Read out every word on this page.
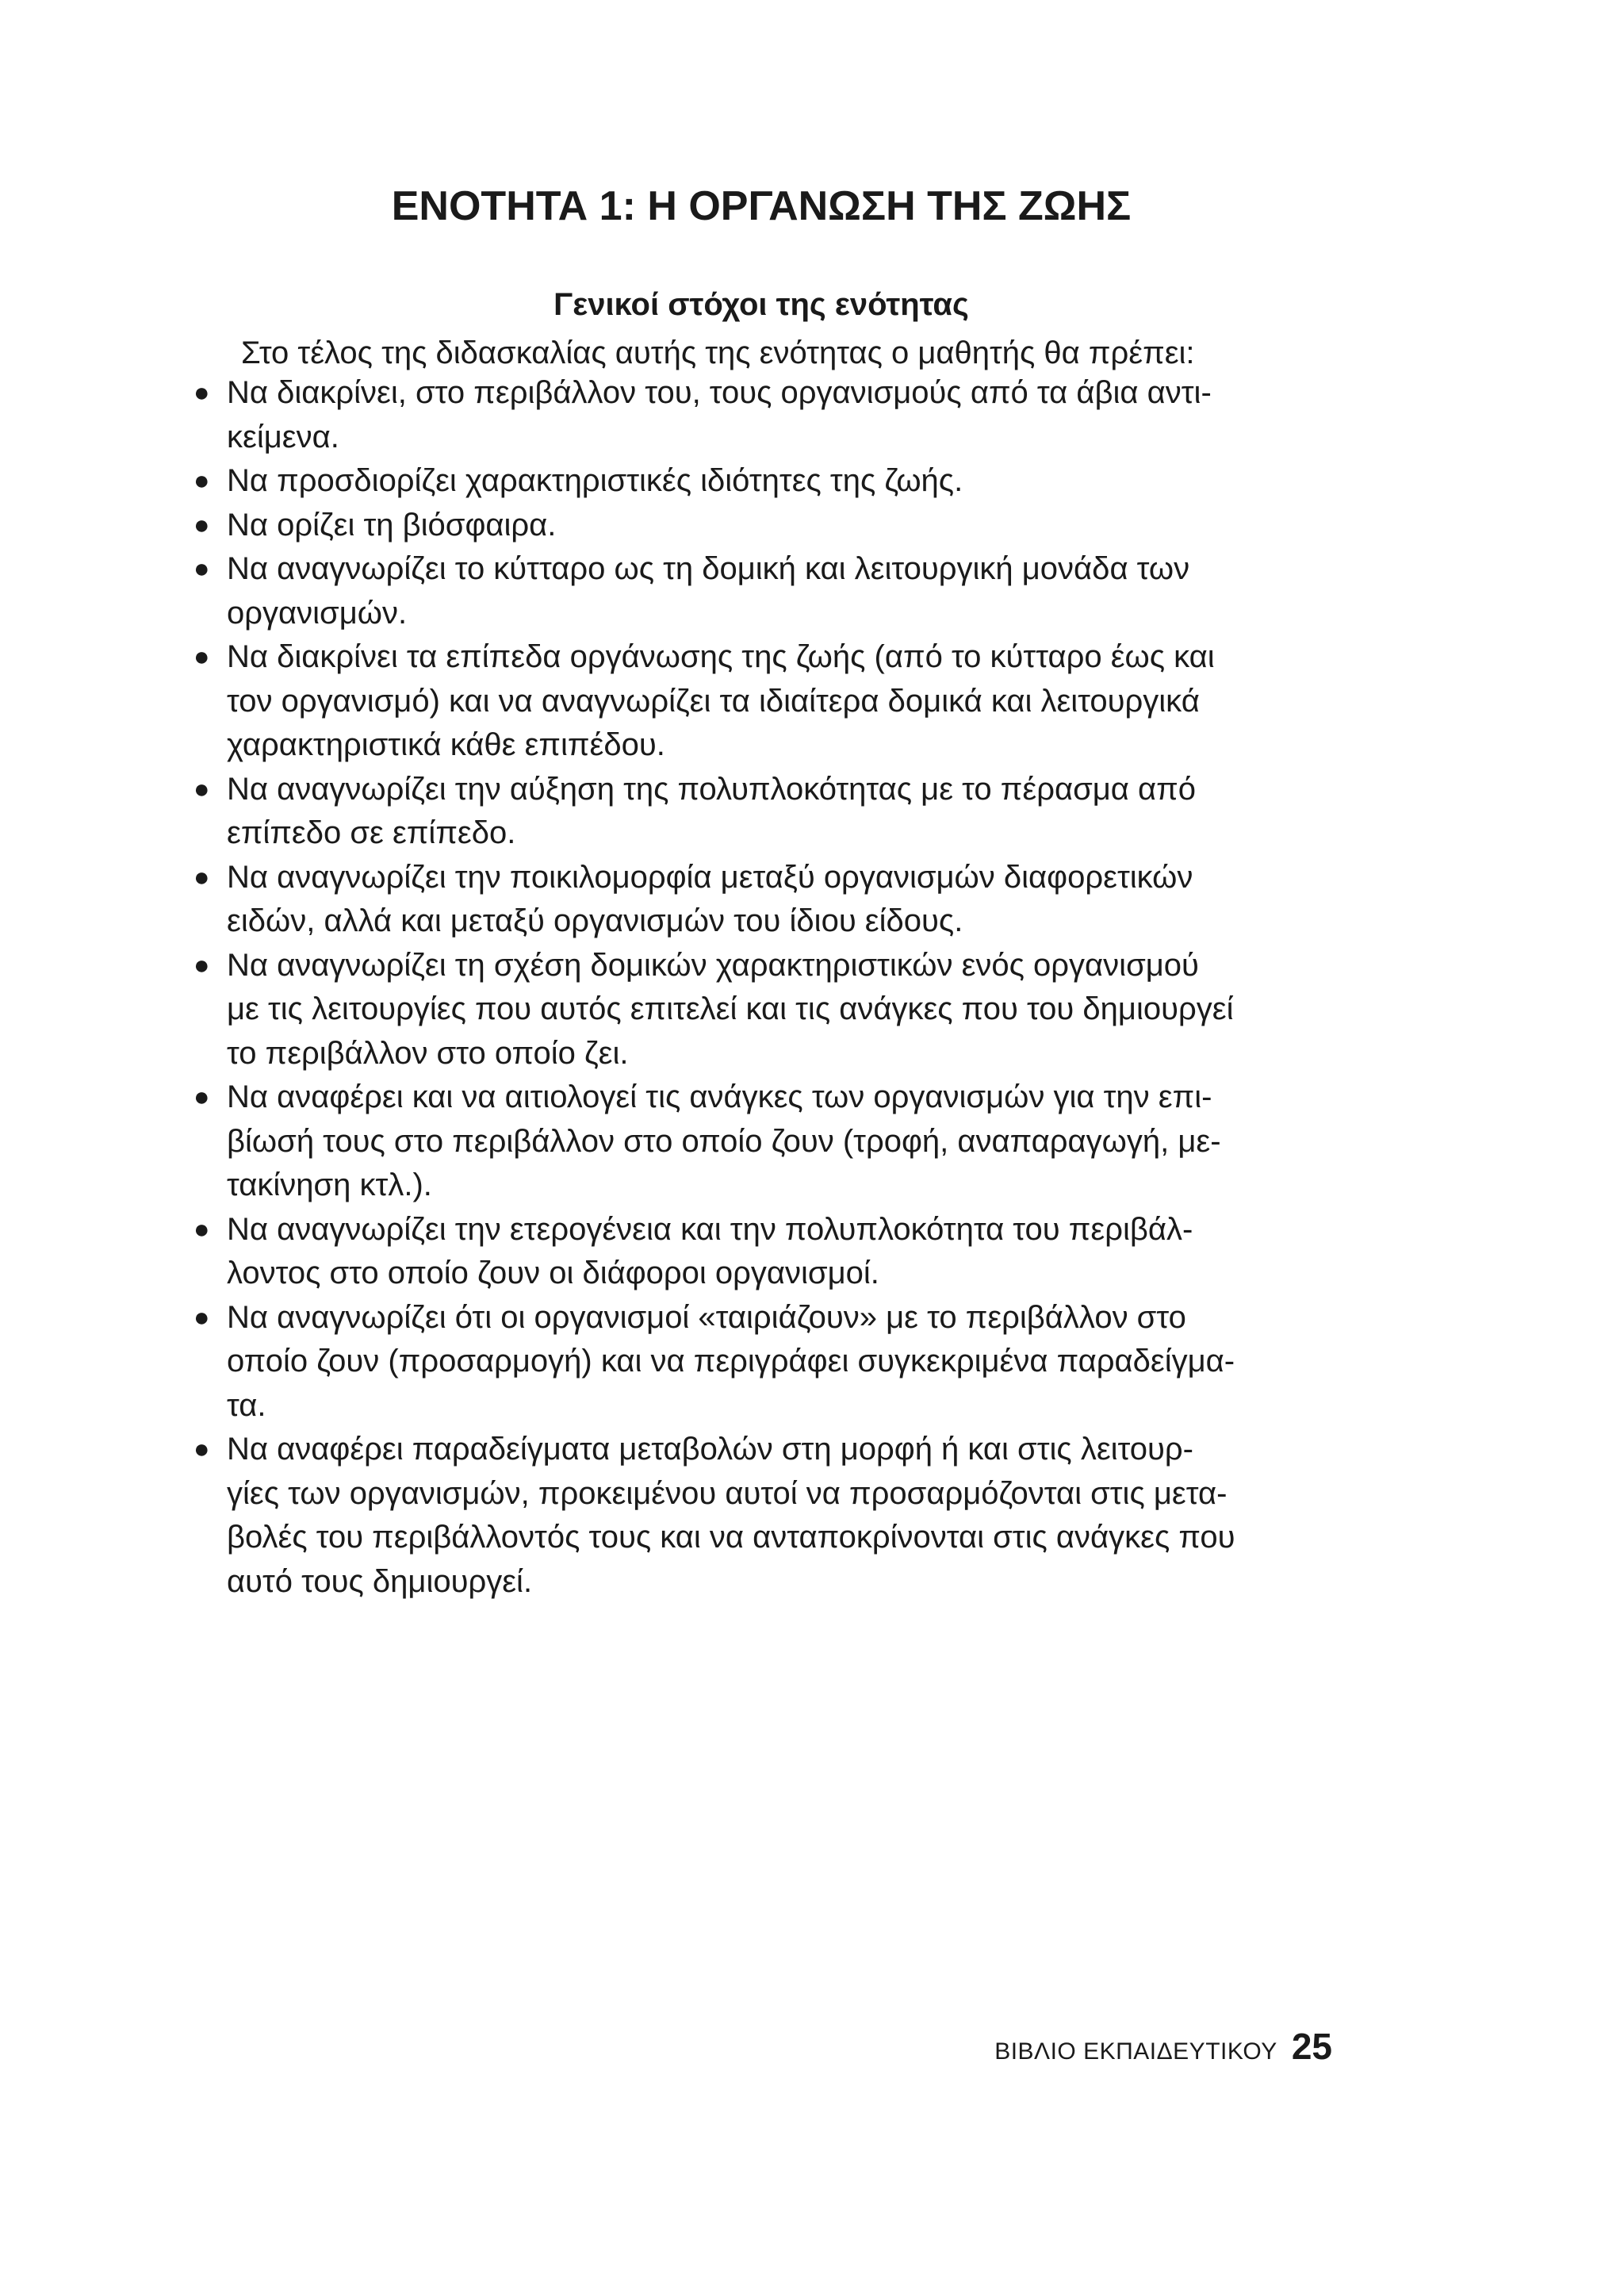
ΕΝΟΤΗΤΑ 1: Η ΟΡΓΑΝΩΣΗ ΤΗΣ ΖΩΗΣ
Γενικοί στόχοι της ενότητας
Στο τέλος της διδασκαλίας αυτής της ενότητας ο μαθητής θα πρέπει:
● Να διακρίνει, στο περιβάλλον του, τους οργανισμούς από τα άβια αντι-
κείμενα.
● Να προσδιορίζει χαρακτηριστικές ιδιότητες της ζωής.
● Να ορίζει τη βιόσφαιρα.
● Να αναγνωρίζει το κύτταρο ως τη δομική και λειτουργική μονάδα των
οργανισμών.
● Να διακρίνει τα επίπεδα οργάνωσης της ζωής (από το κύτταρο έως και
τον οργανισμό) και να αναγνωρίζει τα ιδιαίτερα δομικά και λειτουργικά
χαρακτηριστικά κάθε επιπέδου.
● Να αναγνωρίζει την αύξηση της πολυπλοκότητας με το πέρασμα από
επίπεδο σε επίπεδο.
● Να αναγνωρίζει την ποικιλομορφία μεταξύ οργανισμών διαφορετικών
ειδών, αλλά και μεταξύ οργανισμών του ίδιου είδους.
● Να αναγνωρίζει τη σχέση δομικών χαρακτηριστικών ενός οργανισμού
με τις λειτουργίες που αυτός επιτελεί και τις ανάγκες που του δημιουργεί
το περιβάλλον στο οποίο ζει.
● Να αναφέρει και να αιτιολογεί τις ανάγκες των οργανισμών για την επι-
βίωσή τους στο περιβάλλον στο οποίο ζουν (τροφή, αναπαραγωγή, με-
τακίνηση κτλ.).
● Να αναγνωρίζει την ετερογένεια και την πολυπλοκότητα του περιβάλ-
λοντος στο οποίο ζουν οι διάφοροι οργανισμοί.
● Να αναγνωρίζει ότι οι οργανισμοί «ταιριάζουν» με το περιβάλλον στο
οποίο ζουν (προσαρμογή) και να περιγράφει συγκεκριμένα παραδείγμα-
τα.
● Να αναφέρει παραδείγματα μεταβολών στη μορφή ή και στις λειτουρ-
γίες των οργανισμών, προκειμένου αυτοί να προσαρμόζονται στις μετα-
βολές του περιβάλλοντός τους και να ανταποκρίνονται στις ανάγκες που
αυτό τους δημιουργεί.
ΒΙΒΛΙΟ ΕΚΠΑΙΔΕΥΤΙΚΟΥ 25
